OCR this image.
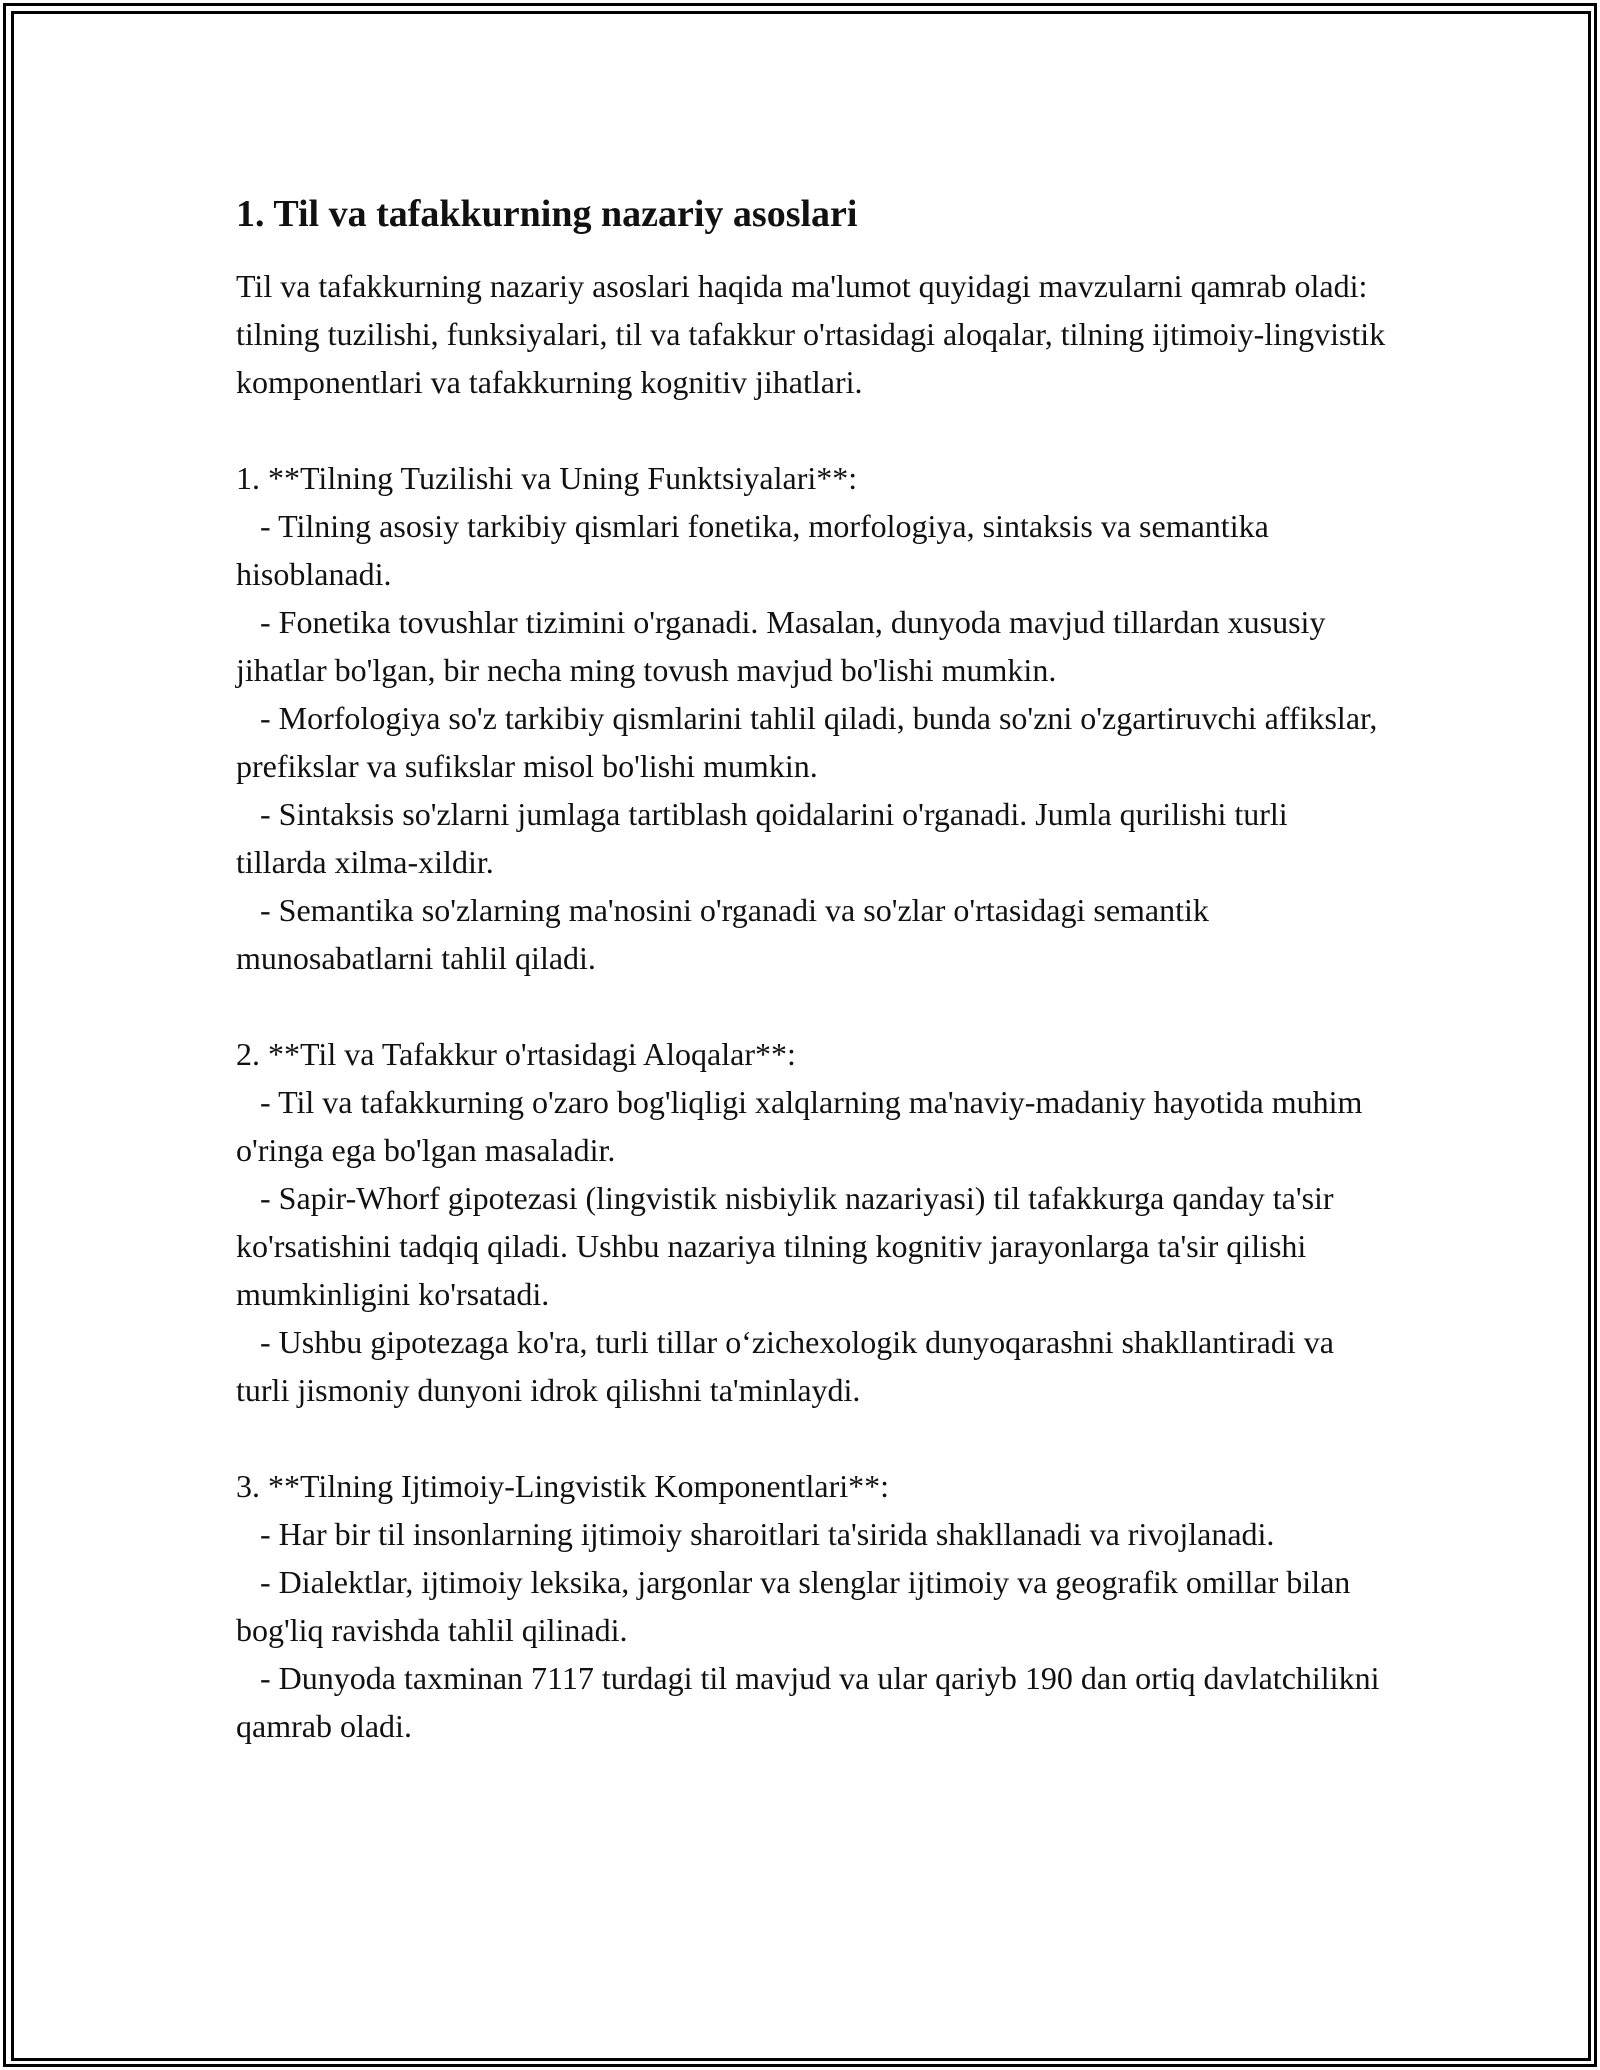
1. Til va tafakkurning nazariy asoslari

Til va tafakkurning nazariy asoslari haqida ma'lumot quyidagi mavzularni qamrab oladi: tilning tuzilishi, funksiyalari, til va tafakkur o'rtasidagi aloqalar, tilning ijtimoiy-lingvistik komponentlari va tafakkurning kognitiv jihatlari.

1. **Tilning Tuzilishi va Uning Funktsiyalari**:

- Tilning asosiy tarkibiy qismlari fonetika, morfologiya, sintaksis va semantika hisoblanadi.

- Fonetika tovushlar tizimini o'rganadi. Masalan, dunyoda mavjud tillardan xususiy jihatlar bo'lgan, bir necha ming tovush mavjud bo'lishi mumkin.

- Morfologiya so'z tarkibiy qismlarini tahlil qiladi, bunda so'zni o'zgartiruvchi affikslar, prefikslar va sufikslar misol bo'lishi mumkin.

- Sintaksis so'zlarni jumlaga tartiblash qoidalarini o'rganadi. Jumla qurilishi turli tillarda xilma-xildir.

- Semantika so'zlarning ma'nosini o'rganadi va so'zlar o'rtasidagi semantik munosabatlarni tahlil qiladi.

2. **Til va Tafakkur o'rtasidagi Aloqalar**:

- Til va tafakkurning o'zaro bog'liqligi xalqlarning ma'naviy-madaniy hayotida muhim o'ringa ega bo'lgan masaladir.

- Sapir-Whorf gipotezasi (lingvistik nisbiylik nazariyasi) til tafakkurga qanday ta'sir ko'rsatishini tadqiq qiladi. Ushbu nazariya tilning kognitiv jarayonlarga ta'sir qilishi mumkinligini ko'rsatadi.

- Ushbu gipotezaga ko'ra, turli tillar o‘zichexologik dunyoqarashni shakllantiradi va turli jismoniy dunyoni idrok qilishni ta'minlaydi.

3. **Tilning Ijtimoiy-Lingvistik Komponentlari**:

- Har bir til insonlarning ijtimoiy sharoitlari ta'sirida shakllanadi va rivojlanadi.

- Dialektlar, ijtimoiy leksika, jargonlar va slenglar ijtimoiy va geografik omillar bilan bog'liq ravishda tahlil qilinadi.

- Dunyoda taxminan 7117 turdagi til mavjud va ular qariyb 190 dan ortiq davlatchilikni qamrab oladi.
